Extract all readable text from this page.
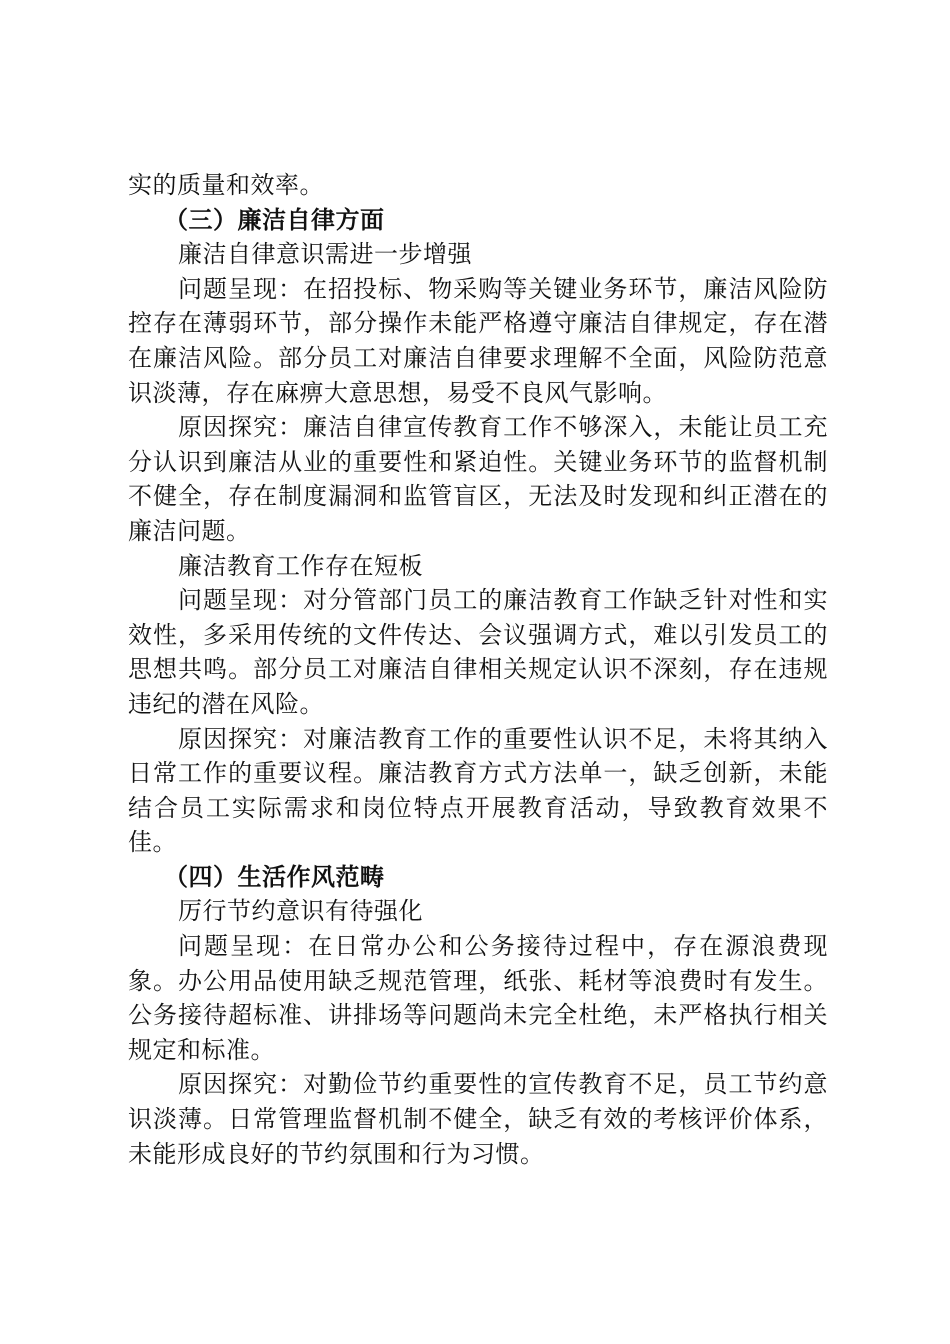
实的质量和效率。

（三）廉洁自律方面

廉洁自律意识需进一步增强

问题呈现：在招投标、物采购等关键业务环节，廉洁风险防控存在薄弱环节，部分操作未能严格遵守廉洁自律规定，存在潜在廉洁风险。部分员工对廉洁自律要求理解不全面，风险防范意识淡薄，存在麻痹大意思想，易受不良风气影响。

原因探究：廉洁自律宣传教育工作不够深入，未能让员工充分认识到廉洁从业的重要性和紧迫性。关键业务环节的监督机制不健全，存在制度漏洞和监管盲区，无法及时发现和纠正潜在的廉洁问题。

廉洁教育工作存在短板

问题呈现：对分管部门员工的廉洁教育工作缺乏针对性和实效性，多采用传统的文件传达、会议强调方式，难以引发员工的思想共鸣。部分员工对廉洁自律相关规定认识不深刻，存在违规违纪的潜在风险。

原因探究：对廉洁教育工作的重要性认识不足，未将其纳入日常工作的重要议程。廉洁教育方式方法单一，缺乏创新，未能结合员工实际需求和岗位特点开展教育活动，导致教育效果不佳。

（四）生活作风范畴

厉行节约意识有待强化

问题呈现：在日常办公和公务接待过程中，存在源浪费现象。办公用品使用缺乏规范管理，纸张、耗材等浪费时有发生。公务接待超标准、讲排场等问题尚未完全杜绝，未严格执行相关规定和标准。

原因探究：对勤俭节约重要性的宣传教育不足，员工节约意识淡薄。日常管理监督机制不健全，缺乏有效的考核评价体系，未能形成良好的节约氛围和行为习惯。
